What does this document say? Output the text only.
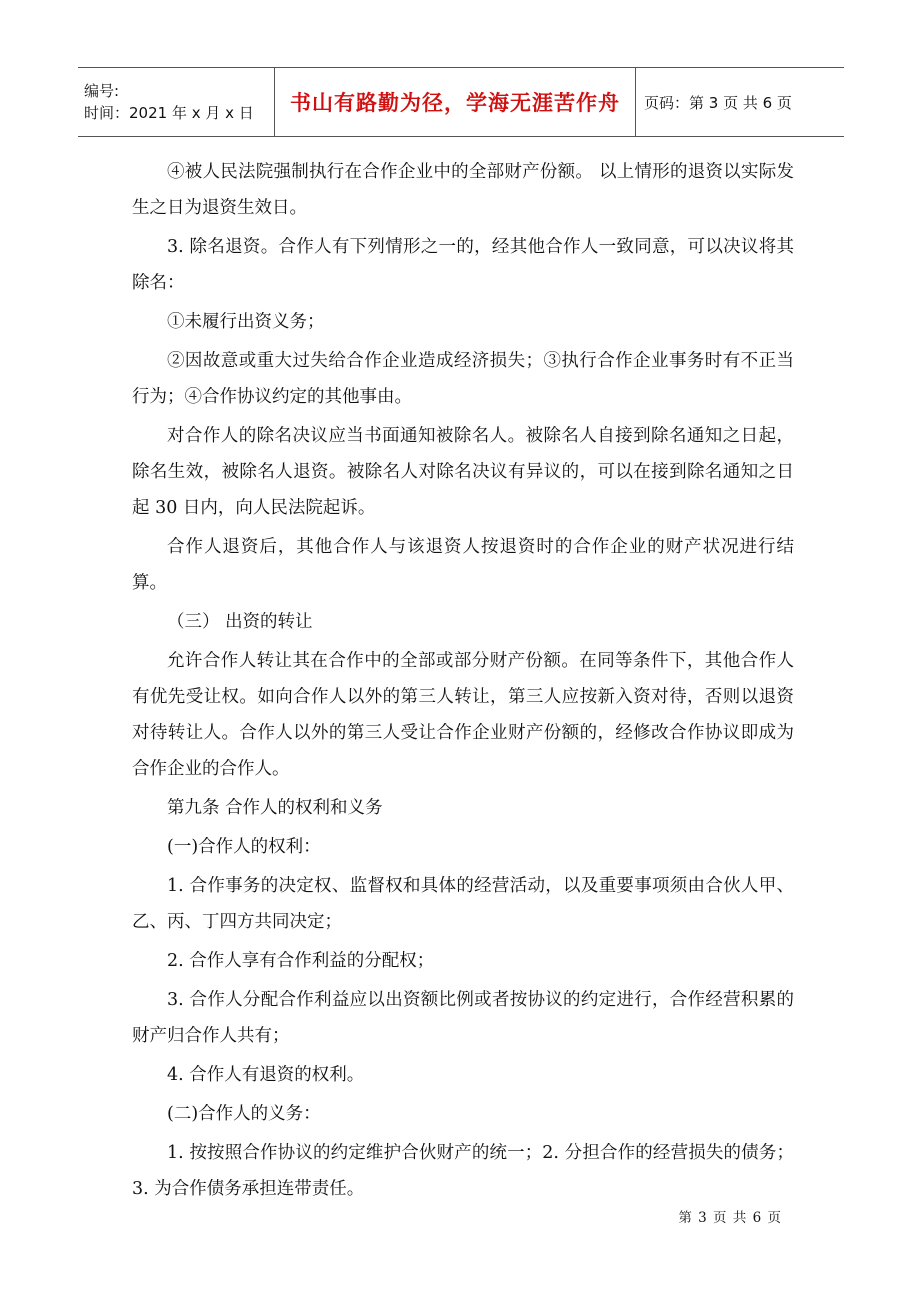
编号:
时间：2021 年 x 月 x 日	书山有路勤为径，学海无涯苦作舟	页码：第 3 页 共 6 页

④被人民法院强制执行在合作企业中的全部财产份额。 以上情形的退资以实际发生之日为退资生效日。

3. 除名退资。合作人有下列情形之一的，经其他合作人一致同意，可以决议将其除名：

①未履行出资义务；

②因故意或重大过失给合作企业造成经济损失；③执行合作企业事务时有不正当行为；④合作协议约定的其他事由。

对合作人的除名决议应当书面通知被除名人。被除名人自接到除名通知之日起，除名生效，被除名人退资。被除名人对除名决议有异议的，可以在接到除名通知之日起 30 日内，向人民法院起诉。

合作人退资后，其他合作人与该退资人按退资时的合作企业的财产状况进行结算。

（三） 出资的转让

允许合作人转让其在合作中的全部或部分财产份额。在同等条件下，其他合作人有优先受让权。如向合作人以外的第三人转让，第三人应按新入资对待，否则以退资对待转让人。合作人以外的第三人受让合作企业财产份额的，经修改合作协议即成为合作企业的合作人。

第九条 合作人的权利和义务

(一)合作人的权利：

1. 合作事务的决定权、监督权和具体的经营活动，以及重要事项须由合伙人甲、乙、丙、丁四方共同决定；

2. 合作人享有合作利益的分配权；

3. 合作人分配合作利益应以出资额比例或者按协议的约定进行，合作经营积累的财产归合作人共有；

4. 合作人有退资的权利。

(二)合作人的义务：

1. 按按照合作协议的约定维护合伙财产的统一；2. 分担合作的经营损失的债务；3. 为合作债务承担连带责任。

第 3 页 共 6 页
